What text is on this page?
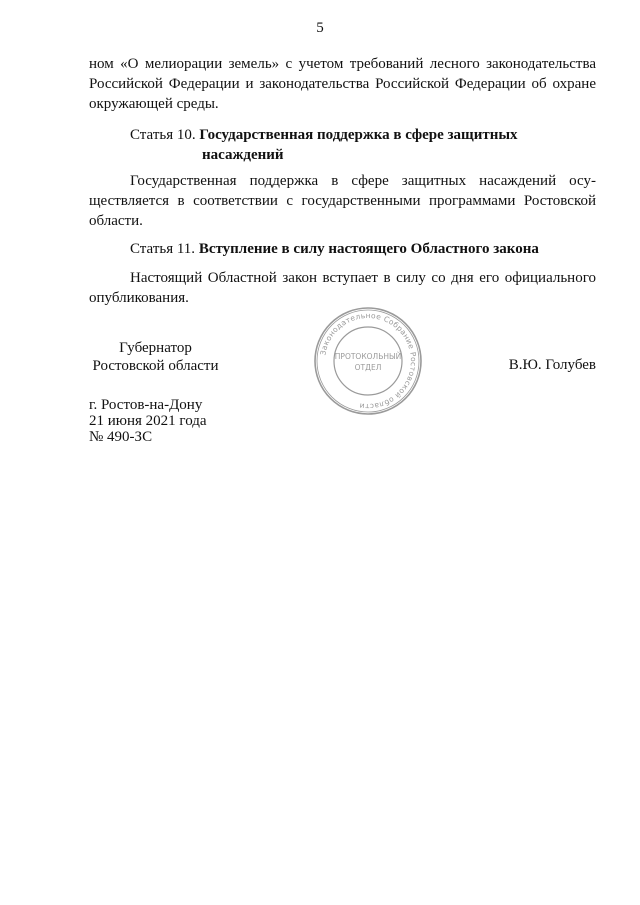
5
ном «О мелиорации земель» с учетом требований лесного законодательства Российской Федерации и законодательства Российской Федерации об охране окружающей среды.
Статья 10. Государственная поддержка в сфере защитных
насаждений
Государственная поддержка в сфере защитных насаждений осу-ществляется в соответствии с государственными программами Ростовской области.
Статья 11. Вступление в силу настоящего Областного закона
Настоящий Областной закон вступает в силу со дня его официального опубликования.
Губернатор
Ростовской области
Законодательное Собрание Ростовской области
ПРОТОКОЛЬНЫЙ
ОТДЕЛ	В.Ю. Голубев
г. Ростов-на-Дону
21 июня 2021 года
№ 490-ЗС
